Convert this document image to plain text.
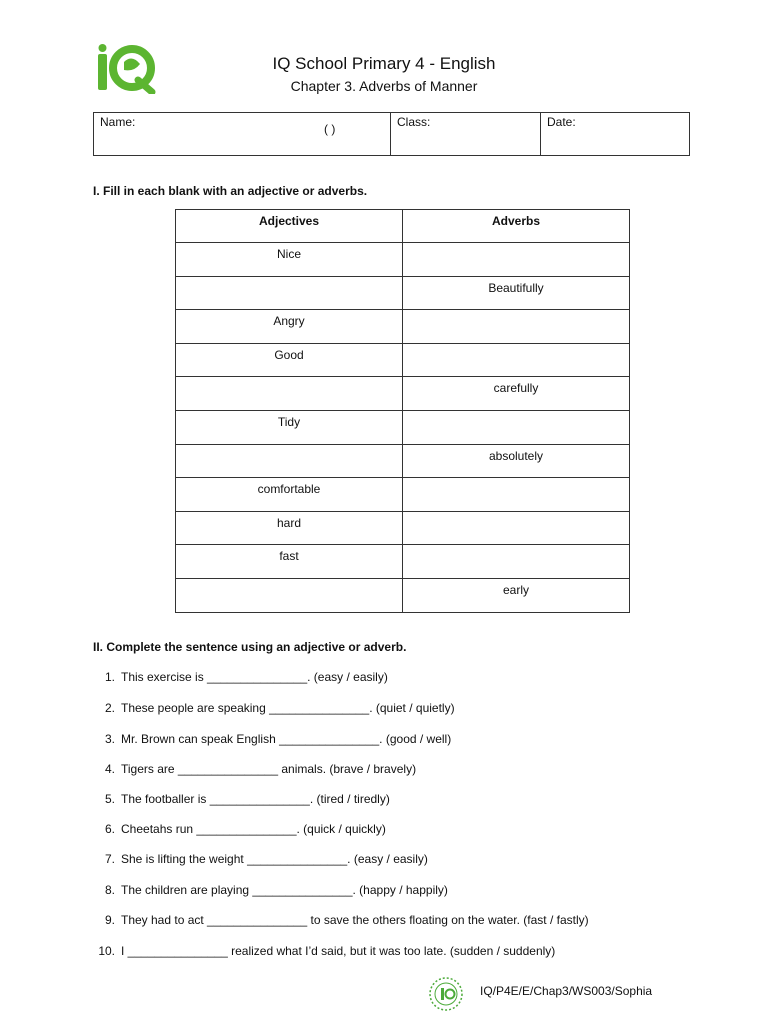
IQ School Primary 4 - English
Chapter 3. Adverbs of Manner
Name:	( )	Class:	Date:
I. Fill in each blank with an adjective or adverbs.
Adjectives	Adverbs
Nice	
	Beautifully
Angry	
Good	
	carefully
Tidy	
	absolutely
comfortable	
hard	
fast	
	early
II. Complete the sentence using an adjective or adverb.
1. This exercise is _______________. (easy / easily)
2. These people are speaking _______________. (quiet / quietly)
3. Mr. Brown can speak English _______________. (good / well)
4. Tigers are _______________ animals. (brave / bravely)
5. The footballer is _______________. (tired / tiredly)
6. Cheetahs run _______________. (quick / quickly)
7. She is lifting the weight _______________. (easy / easily)
8. The children are playing _______________. (happy / happily)
9. They had to act _______________ to save the others floating on the water. (fast / fastly)
10. I _______________ realized what I’d said, but it was too late. (sudden / suddenly)
IQ/P4E/E/Chap3/WS003/Sophia
